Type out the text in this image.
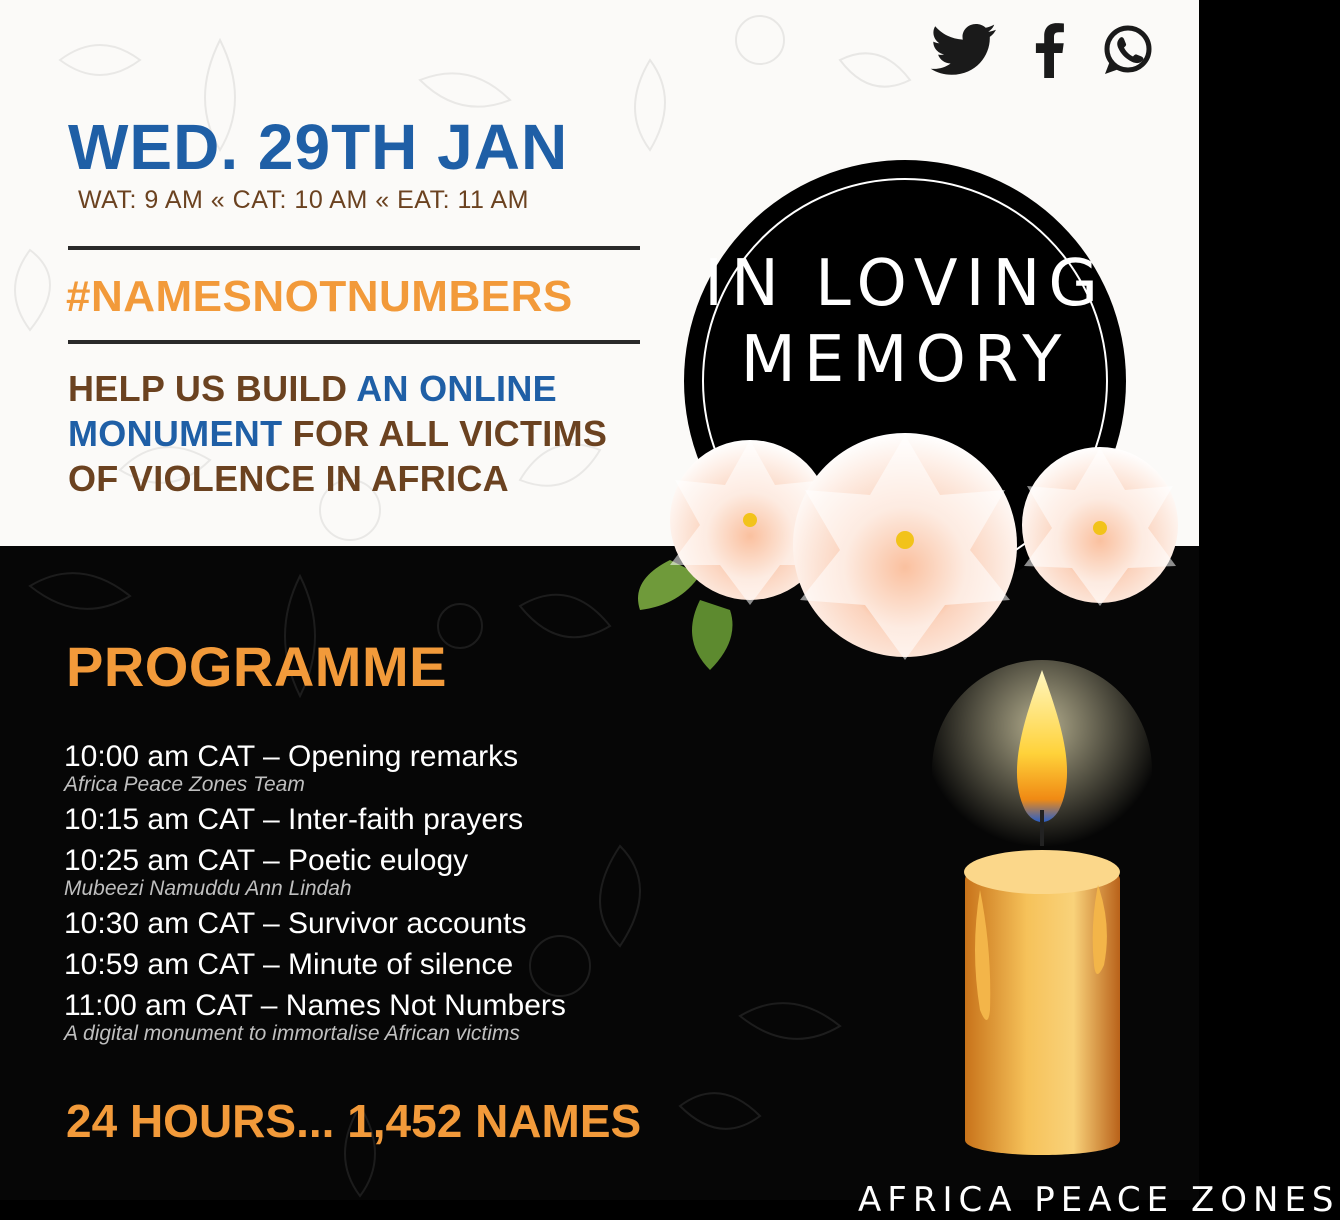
WED. 29TH JAN
WAT: 9 AM « CAT: 10 AM « EAT: 11 AM
#NAMESNOTNUMBERS
HELP US BUILD AN ONLINE MONUMENT FOR ALL VICTIMS OF VIOLENCE IN AFRICA
IN LOVING
MEMORY
PROGRAMME
10:00 am CAT – Opening remarks
Africa Peace Zones Team
10:15 am CAT – Inter-faith prayers
10:25 am CAT – Poetic eulogy
Mubeezi Namuddu Ann Lindah
10:30 am CAT – Survivor accounts
10:59 am CAT – Minute of silence
11:00 am CAT – Names Not Numbers
A digital monument to immortalise African victims
24 HOURS... 1,452 NAMES
AFRICA PEACE ZONES
